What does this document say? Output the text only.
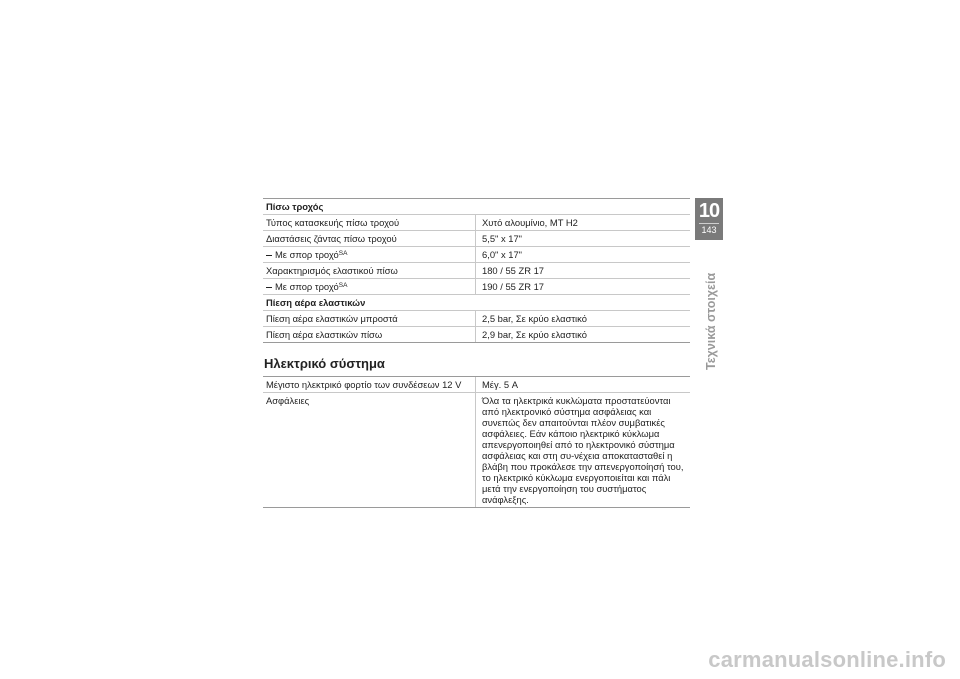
Πίσω τροχός	
Τύπος κατασκευής πίσω τροχού	Χυτό αλουμίνιο, ΜΤ Η2
Διαστάσεις ζάντας πίσω τροχού	5,5" x 17"
Με σπορ τροχό$^{SA}$	6,0" x 17"
Χαρακτηρισμός ελαστικού πίσω	180 / 55 ZR 17
Με σπορ τροχό$^{SA}$	190 / 55 ZR 17
Πίεση αέρα ελαστικών	
Πίεση αέρα ελαστικών μπροστά	2,5 bar, Σε κρύο ελαστικό
Πίεση αέρα ελαστικών πίσω	2,9 bar, Σε κρύο ελαστικό
Ηλεκτρικό σύστημα
Μέγιστο ηλεκτρικό φορτίο των συνδέσεων 12 V	Μέγ. 5 A
Ασφάλειες	Όλα τα ηλεκτρικά κυκλώματα προστατεύονται από ηλεκτρονικό σύστημα ασφάλειας και συνεπώς δεν απαιτούνται πλέον συμβατικές ασφάλειες. Εάν κάποιο ηλεκτρικό κύκλωμα απενεργοποιηθεί από το ηλεκτρονικό σύστημα ασφάλειας και στη συ-νέχεια αποκατασταθεί η βλάβη που προκάλεσε την απενεργοποίησή του, το ηλεκτρικό κύκλωμα ενεργοποιείται και πάλι μετά την ενεργοποίηση του συστήματος ανάφλεξης.
10
143
Τεχνικά στοιχεία
carmanualsonline.info
